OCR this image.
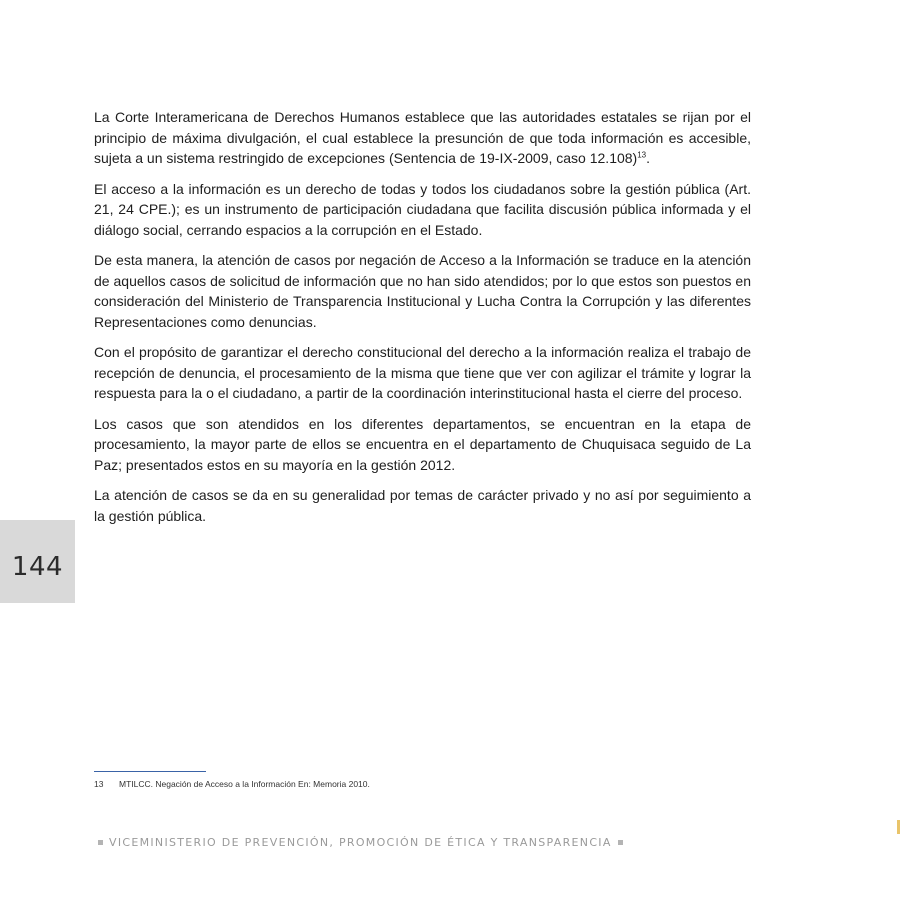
La Corte Interamericana de Derechos Humanos establece que las autoridades estatales se rijan por el principio de máxima divulgación, el cual establece la presunción de que toda información es accesible, sujeta a un sistema restringido de excepciones (Sentencia de 19-IX-2009, caso 12.108)$^{13}$.

El acceso a la información es un derecho de todas y todos los ciudadanos sobre la gestión pública (Art. 21, 24 CPE.); es un instrumento de participación ciudadana que facilita discusión pública informada y el diálogo social, cerrando espacios a la corrupción en el Estado.

De esta manera, la atención de casos por negación de Acceso a la Información se traduce en la atención de aquellos casos de solicitud de información que no han sido atendidos; por lo que estos son puestos en consideración del Ministerio de Transparencia Institucional y Lucha Contra la Corrupción y las diferentes Representaciones como denuncias.

Con el propósito de garantizar el derecho constitucional del derecho a la información realiza el trabajo de recepción de denuncia, el procesamiento de la misma que tiene que ver con agilizar el trámite y lograr la respuesta para la o el ciudadano, a partir de la coordinación interinstitucional hasta el cierre del proceso.

Los casos que son atendidos en los diferentes departamentos, se encuentran en la etapa de procesamiento, la mayor parte de ellos se encuentra en el departamento de Chuquisaca seguido de La Paz; presentados estos en su mayoría en la gestión 2012.

La atención de casos se da en su generalidad por temas de carácter privado y no así por seguimiento a la gestión pública.

144
13 MTILCC. Negación de Acceso a la Información En: Memoria 2010.
VICEMINISTERIO DE PREVENCIÓN, PROMOCIÓN DE ÉTICA Y TRANSPARENCIA
